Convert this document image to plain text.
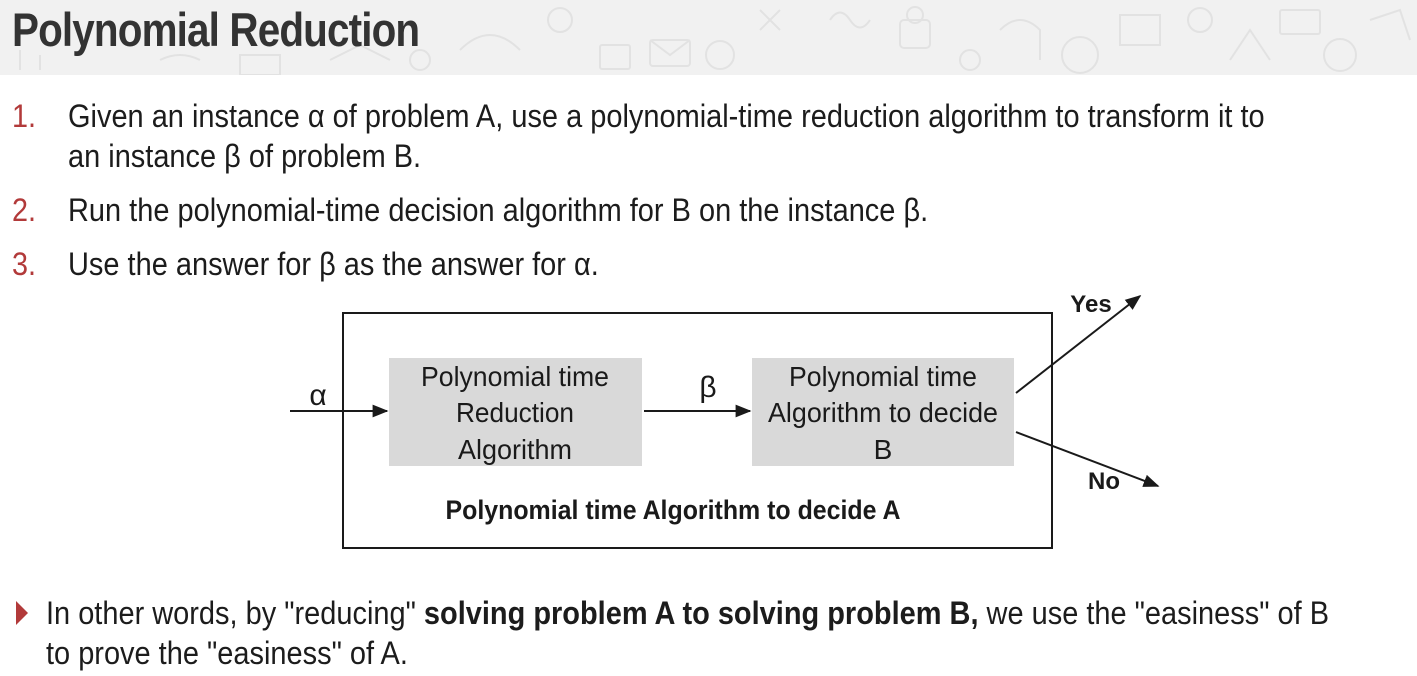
Polynomial Reduction
1. Given an instance α of problem A, use a polynomial-time reduction algorithm to transform it to
an instance β of problem B.
2. Run the polynomial-time decision algorithm for B on the instance β.
3. Use the answer for β as the answer for α.
α	β
Polynomial time
Reduction
Algorithm
Polynomial time
Algorithm to decide
B
Polynomial time Algorithm to decide A
Yes
No
In other words, by "reducing" solving problem A to solving problem B, we use the "easiness" of B
to prove the "easiness" of A.
